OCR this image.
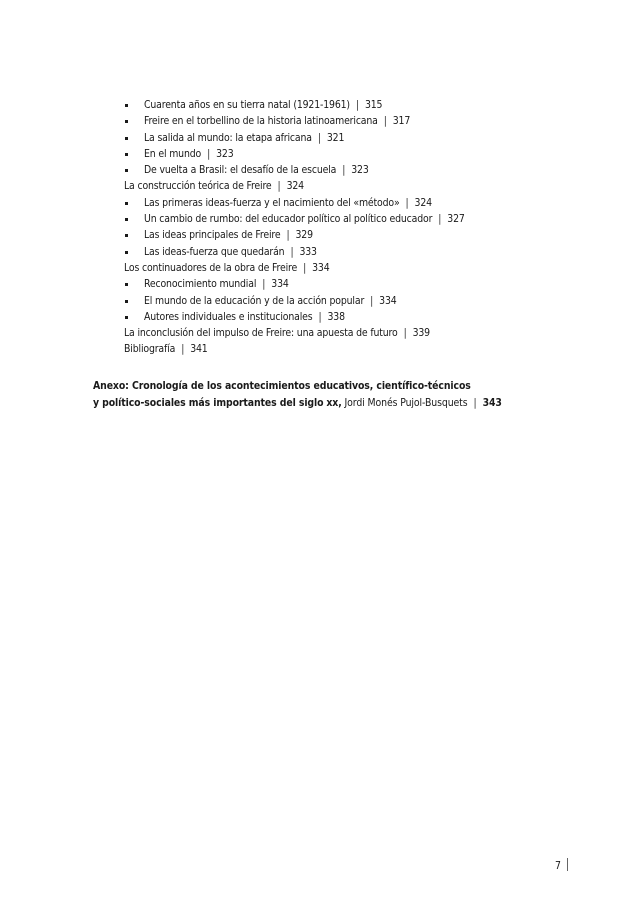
Cuarenta años en su tierra natal (1921-1961) | 315
Freire en el torbellino de la historia latinoamericana | 317
La salida al mundo: la etapa africana | 321
En el mundo | 323
De vuelta a Brasil: el desafío de la escuela | 323
La construcción teórica de Freire | 324
Las primeras ideas-fuerza y el nacimiento del «método» | 324
Un cambio de rumbo: del educador político al político educador | 327
Las ideas principales de Freire | 329
Las ideas-fuerza que quedarán | 333
Los continuadores de la obra de Freire | 334
Reconocimiento mundial | 334
El mundo de la educación y de la acción popular | 334
Autores individuales e institucionales | 338
La inconclusión del impulso de Freire: una apuesta de futuro | 339
Bibliografía | 341
Anexo: Cronología de los acontecimientos educativos, científico-técnicos
y político-sociales más importantes del siglo xx, Jordi Monés Pujol-Busquets | 343
7
